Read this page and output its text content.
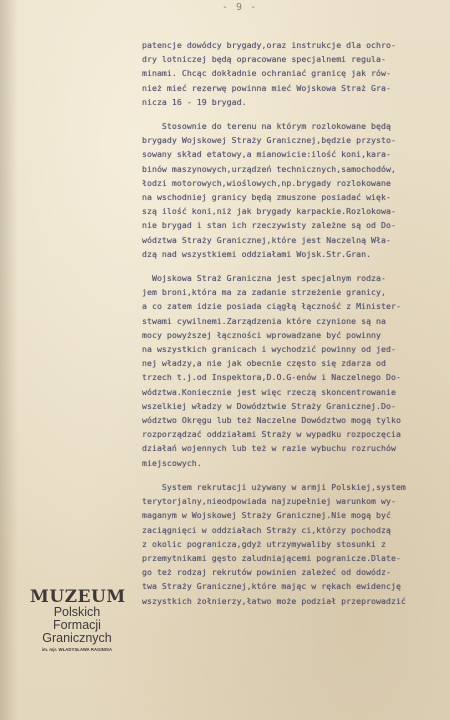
- 9 -
patencje dowódcy brygady,oraz instrukcje dla ochro-
dry lotniczej będą opracowane specjalnemi regula-
minami. Chcąc dokładnie ochraniać granicę jak rów-
nież mieć rezerwę powinna mieć Wojskowa Straż Gra-
nicza 16 - 19 brygad.
Stosownie do terenu na którym rozlokowane będą
brygady Wojskowej Straży Granicznej,będzie przysto-
sowany skład etatowy,a mianowicie:ilość koni,kara-
binów maszynowych,urządzeń technicznych,samochodów,
łodzi motorowych,wioślowych,np.brygady rozlokowane
na wschodniej granicy będą zmuszone posiadać więk-
szą ilość koni,niż jak brygady karpackie.Rozlokowa-
nie brygad i stan ich rzeczywisty zależne są od Do-
wództwa Straży Granicznej,które jest Naczelną Wła-
dzą nad wszystkiemi oddziałami Wojsk.Str.Gran.
Wojskowa Straż Graniczna jest specjalnym rodza-
jem broni,która ma za zadanie strzeżenie granicy,
a co zatem idzie posiada ciągłą łączność z Minister-
stwami cywilnemi.Zarządzenia które czynione są na
mocy powyższej łączności wprowadzane być powinny
na wszystkich granicach i wychodzić powinny od jed-
nej władzy,a nie jak obecnie często się zdarza od
trzech t.j.od Inspektora,D.O.G-enów i Naczelnego Do-
wództwa.Koniecznie jest więc rzeczą skoncentrowanie
wszelkiej władzy w Dowództwie Straży Granicznej.Do-
wództwo Okręgu lub też Naczelne Dowództwo mogą tylko
rozporządzać oddziałami Straży w wypadku rozpoczęcia
działań wojennych lub też w razie wybuchu rozruchów
miejscowych.
System rekrutacji używany w armji Polskiej,system
terytorjalny,nieodpowiada najzupełniej warunkom wy-
maganym w Wojskowej Straży Granicznej.Nie mogą być
zaciągnięci w oddziałach Straży ci,którzy pochodzą
z okolic pogranicza,gdyż utrzymywaliby stosunki z
przemytnikami gęsto zaludniającemi pogranicze.Dlate-
go też rodzaj rekrutów powinien zależeć od dowódz-
twa Straży Granicznej,które mając w rękach ewidencję
wszystkich żołnierzy,łatwo może podział przeprowadzić
MUZEUM
Polskich
Formacji
Granicznych
im. mjr. WŁADYSŁAWA RAGINISA
